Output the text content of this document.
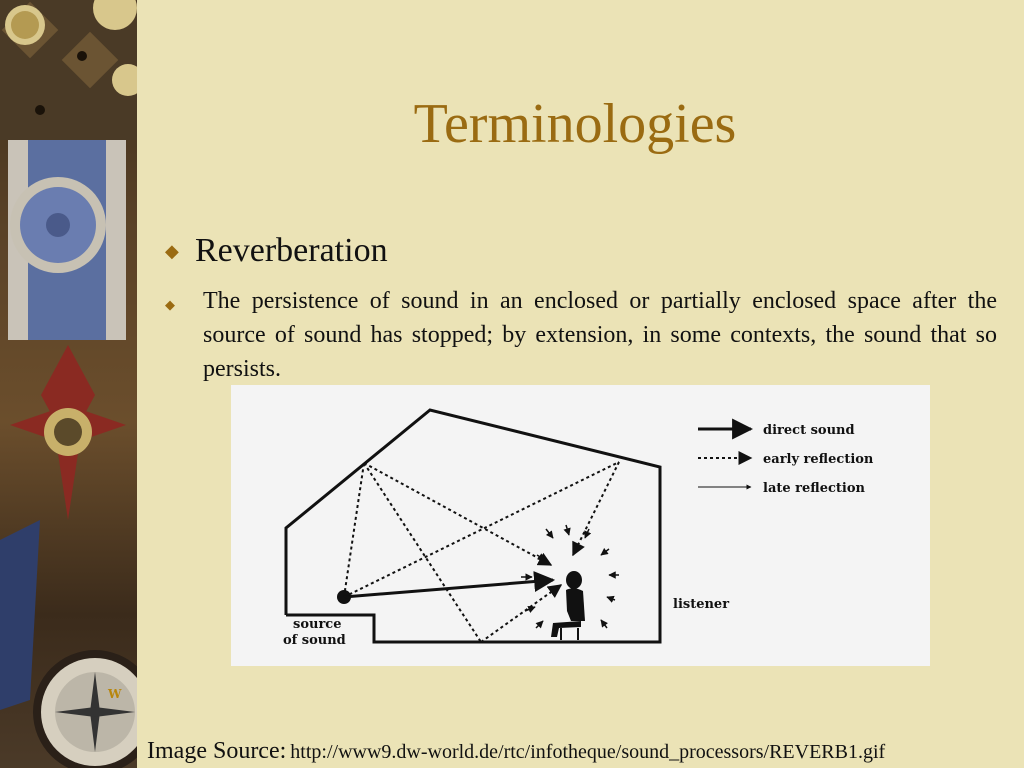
W
Terminologies
◆ Reverberation
◆	The persistence of sound in an enclosed or partially enclosed space after the source of sound has stopped; by extension, in some contexts, the sound that so persists.
direct sound
early reflection
late reflection
listener
source
of sound
Image Source: http://www9.dw-world.de/rtc/infotheque/sound_processors/REVERB1.gif
